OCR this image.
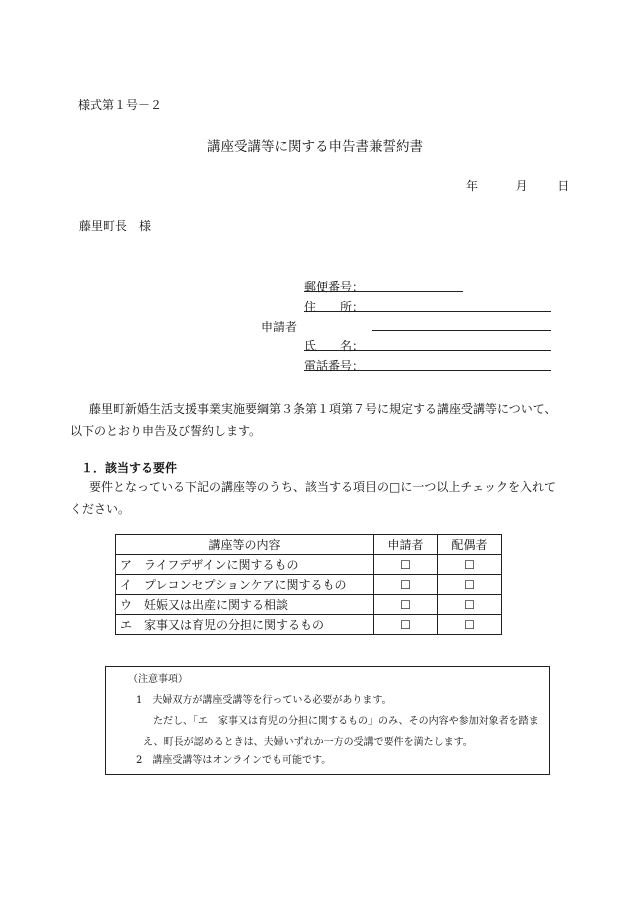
様式第１号－２
講座受講等に関する申告書兼誓約書
年	月 日
藤里町長　様
郵便番号：
住　　所：
申請者
氏　　名：
電話番号：
藤里町新婚生活支援事業実施要綱第３条第１項第７号に規定する講座受講等について、以下のとおり申告及び誓約します。
１．該当する要件
要件となっている下記の講座等のうち、該当する項目の□に一つ以上チェックを入れてください。
講座等の内容	申請者	配偶者
ア　ライフデザインに関するもの	☐	☐
イ　プレコンセプションケアに関するもの	☐	☐
ウ　妊娠又は出産に関する相談	☐	☐
エ　家事又は育児の分担に関するもの	☐	☐
（注意事項）
1　夫婦双方が講座受講等を行っている必要があります。
ただし、「エ　家事又は育児の分担に関するもの」のみ、その内容や参加対象者を踏ま
え、町長が認めるときは、夫婦いずれか一方の受講で要件を満たします。
2　講座受講等はオンラインでも可能です。
